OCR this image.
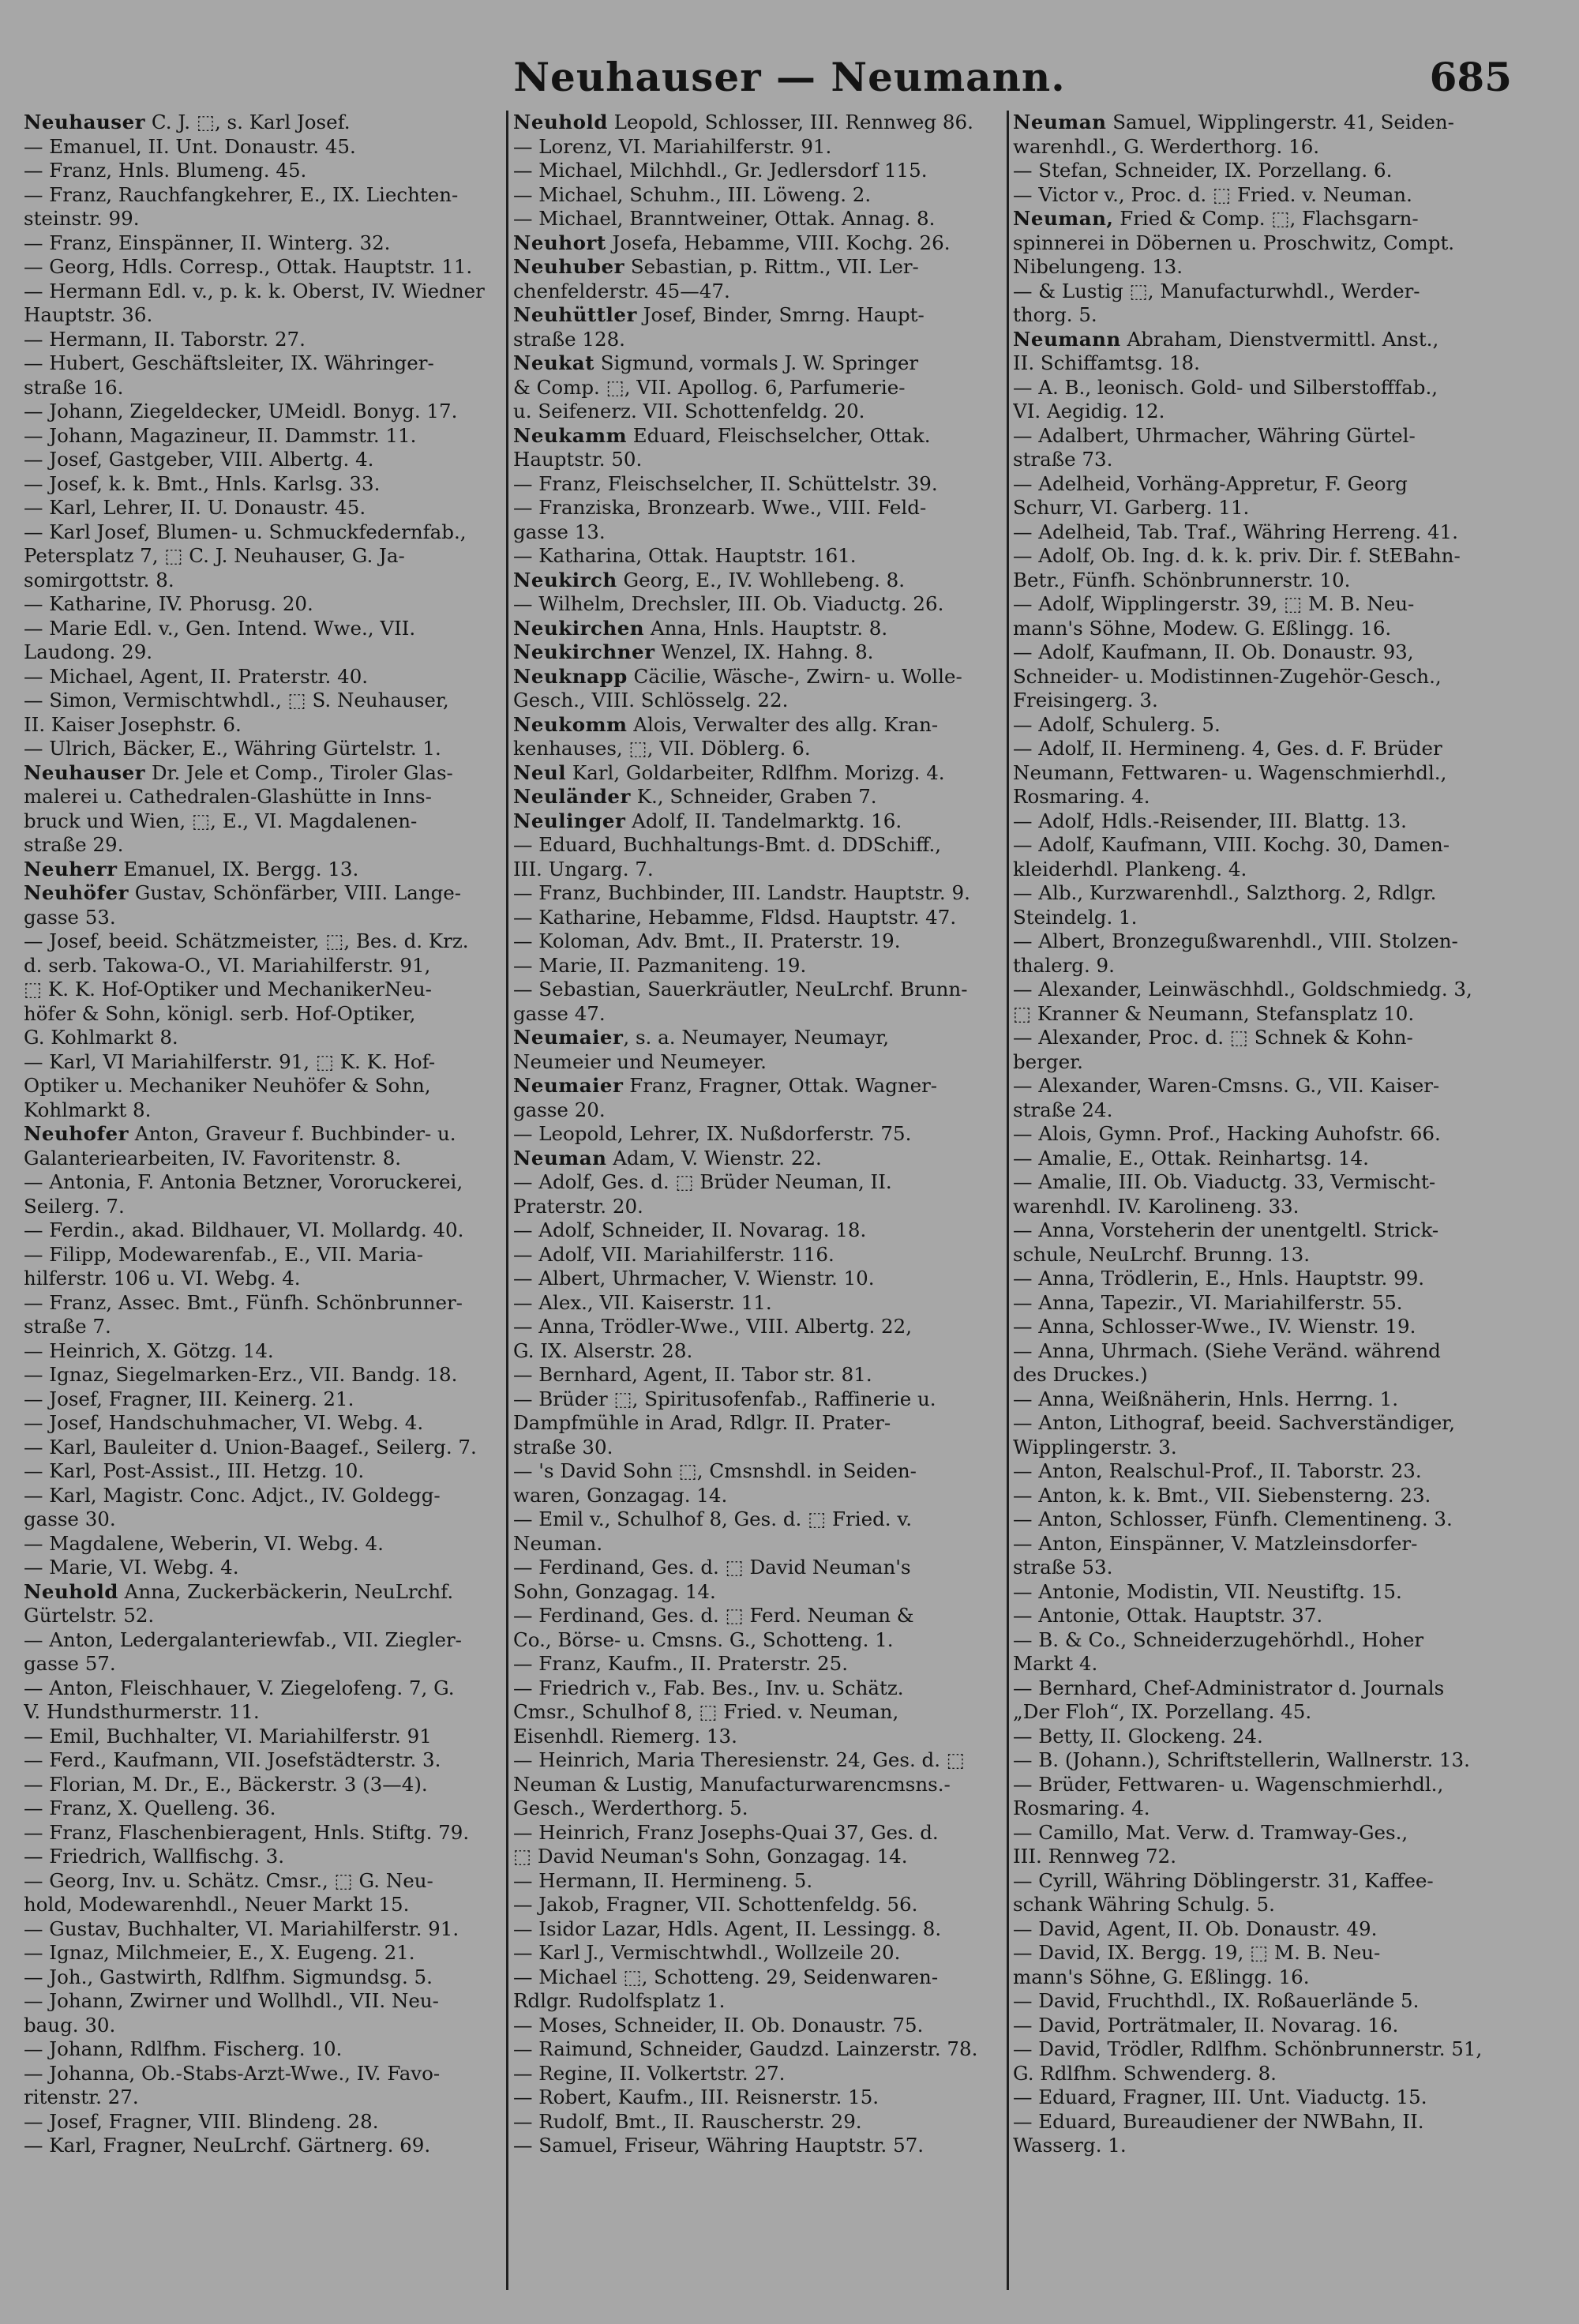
Neuhauser — Neumann.	685
Neuhauser C. J. ⬚, s. Karl Josef.
— Emanuel, II. Unt. Donaustr. 45.
— Franz, Hnls. Blumeng. 45.
— Franz, Rauchfangkehrer, E., IX. Liechten-
steinstr. 99.
— Franz, Einspänner, II. Winterg. 32.
— Georg, Hdls. Corresp., Ottak. Hauptstr. 11.
— Hermann Edl. v., p. k. k. Oberst, IV. Wiedner
Hauptstr. 36.
— Hermann, II. Taborstr. 27.
— Hubert, Geschäftsleiter, IX. Währinger-
straße 16.
— Johann, Ziegeldecker, UMeidl. Bonyg. 17.
— Johann, Magazineur, II. Dammstr. 11.
— Josef, Gastgeber, VIII. Albertg. 4.
— Josef, k. k. Bmt., Hnls. Karlsg. 33.
— Karl, Lehrer, II. U. Donaustr. 45.
— Karl Josef, Blumen- u. Schmuckfedernfab.,
Petersplatz 7, ⬚ C. J. Neuhauser, G. Ja-
somirgottstr. 8.
— Katharine, IV. Phorusg. 20.
— Marie Edl. v., Gen. Intend. Wwe., VII.
Laudong. 29.
— Michael, Agent, II. Praterstr. 40.
— Simon, Vermischtwhdl., ⬚ S. Neuhauser,
II. Kaiser Josephstr. 6.
— Ulrich, Bäcker, E., Währing Gürtelstr. 1.
Neuhauser Dr. Jele et Comp., Tiroler Glas-
malerei u. Cathedralen-Glashütte in Inns-
bruck und Wien, ⬚, E., VI. Magdalenen-
straße 29.
Neuherr Emanuel, IX. Bergg. 13.
Neuhöfer Gustav, Schönfärber, VIII. Lange-
gasse 53.
— Josef, beeid. Schätzmeister, ⬚, Bes. d. Krz.
d. serb. Takowa-O., VI. Mariahilferstr. 91,
⬚ K. K. Hof-Optiker und MechanikerNeu-
höfer & Sohn, königl. serb. Hof-Optiker,
G. Kohlmarkt 8.
— Karl, VI Mariahilferstr. 91, ⬚ K. K. Hof-
Optiker u. Mechaniker Neuhöfer & Sohn,
Kohlmarkt 8.
Neuhofer Anton, Graveur f. Buchbinder- u.
Galanteriearbeiten, IV. Favoritenstr. 8.
— Antonia, F. Antonia Betzner, Vororuckerei,
Seilerg. 7.
— Ferdin., akad. Bildhauer, VI. Mollardg. 40.
— Filipp, Modewarenfab., E., VII. Maria-
hilferstr. 106 u. VI. Webg. 4.
— Franz, Assec. Bmt., Fünfh. Schönbrunner-
straße 7.
— Heinrich, X. Götzg. 14.
— Ignaz, Siegelmarken-Erz., VII. Bandg. 18.
— Josef, Fragner, III. Keinerg. 21.
— Josef, Handschuhmacher, VI. Webg. 4.
— Karl, Bauleiter d. Union-Baagef., Seilerg. 7.
— Karl, Post-Assist., III. Hetzg. 10.
— Karl, Magistr. Conc. Adjct., IV. Goldegg-
gasse 30.
— Magdalene, Weberin, VI. Webg. 4.
— Marie, VI. Webg. 4.
Neuhold Anna, Zuckerbäckerin, NeuLrchf.
Gürtelstr. 52.
— Anton, Ledergalanteriewfab., VII. Ziegler-
gasse 57.
— Anton, Fleischhauer, V. Ziegelofeng. 7, G.
V. Hundsthurmerstr. 11.
— Emil, Buchhalter, VI. Mariahilferstr. 91
— Ferd., Kaufmann, VII. Josefstädterstr. 3.
— Florian, M. Dr., E., Bäckerstr. 3 (3—4).
— Franz, X. Quelleng. 36.
— Franz, Flaschenbieragent, Hnls. Stiftg. 79.
— Friedrich, Wallfischg. 3.
— Georg, Inv. u. Schätz. Cmsr., ⬚ G. Neu-
hold, Modewarenhdl., Neuer Markt 15.
— Gustav, Buchhalter, VI. Mariahilferstr. 91.
— Ignaz, Milchmeier, E., X. Eugeng. 21.
— Joh., Gastwirth, Rdlfhm. Sigmundsg. 5.
— Johann, Zwirner und Wollhdl., VII. Neu-
baug. 30.
— Johann, Rdlfhm. Fischerg. 10.
— Johanna, Ob.-Stabs-Arzt-Wwe., IV. Favo-
ritenstr. 27.
— Josef, Fragner, VIII. Blindeng. 28.
— Karl, Fragner, NeuLrchf. Gärtnerg. 69.
Neuhold Leopold, Schlosser, III. Rennweg 86.
— Lorenz, VI. Mariahilferstr. 91.
— Michael, Milchhdl., Gr. Jedlersdorf 115.
— Michael, Schuhm., III. Löweng. 2.
— Michael, Branntweiner, Ottak. Annag. 8.
Neuhort Josefa, Hebamme, VIII. Kochg. 26.
Neuhuber Sebastian, p. Rittm., VII. Ler-
chenfelderstr. 45—47.
Neuhüttler Josef, Binder, Smrng. Haupt-
straße 128.
Neukat Sigmund, vormals J. W. Springer
& Comp. ⬚, VII. Apollog. 6, Parfumerie-
u. Seifenerz. VII. Schottenfeldg. 20.
Neukamm Eduard, Fleischselcher, Ottak.
Hauptstr. 50.
— Franz, Fleischselcher, II. Schüttelstr. 39.
— Franziska, Bronzearb. Wwe., VIII. Feld-
gasse 13.
— Katharina, Ottak. Hauptstr. 161.
Neukirch Georg, E., IV. Wohllebeng. 8.
— Wilhelm, Drechsler, III. Ob. Viaductg. 26.
Neukirchen Anna, Hnls. Hauptstr. 8.
Neukirchner Wenzel, IX. Hahng. 8.
Neuknapp Cäcilie, Wäsche-, Zwirn- u. Wolle-
Gesch., VIII. Schlösselg. 22.
Neukomm Alois, Verwalter des allg. Kran-
kenhauses, ⬚, VII. Döblerg. 6.
Neul Karl, Goldarbeiter, Rdlfhm. Morizg. 4.
Neuländer K., Schneider, Graben 7.
Neulinger Adolf, II. Tandelmarktg. 16.
— Eduard, Buchhaltungs-Bmt. d. DDSchiff.,
III. Ungarg. 7.
— Franz, Buchbinder, III. Landstr. Hauptstr. 9.
— Katharine, Hebamme, Fldsd. Hauptstr. 47.
— Koloman, Adv. Bmt., II. Praterstr. 19.
— Marie, II. Pazmaniteng. 19.
— Sebastian, Sauerkräutler, NeuLrchf. Brunn-
gasse 47.
Neumaier, s. a. Neumayer, Neumayr,
Neumeier und Neumeyer.
Neumaier Franz, Fragner, Ottak. Wagner-
gasse 20.
— Leopold, Lehrer, IX. Nußdorferstr. 75.
Neuman Adam, V. Wienstr. 22.
— Adolf, Ges. d. ⬚ Brüder Neuman, II.
Praterstr. 20.
— Adolf, Schneider, II. Novarag. 18.
— Adolf, VII. Mariahilferstr. 116.
— Albert, Uhrmacher, V. Wienstr. 10.
— Alex., VII. Kaiserstr. 11.
— Anna, Trödler-Wwe., VIII. Albertg. 22,
G. IX. Alserstr. 28.
— Bernhard, Agent, II. Tabor str. 81.
— Brüder ⬚, Spiritusofenfab., Raffinerie u.
Dampfmühle in Arad, Rdlgr. II. Prater-
straße 30.
— 's David Sohn ⬚, Cmsnshdl. in Seiden-
waren, Gonzagag. 14.
— Emil v., Schulhof 8, Ges. d. ⬚ Fried. v.
Neuman.
— Ferdinand, Ges. d. ⬚ David Neuman's
Sohn, Gonzagag. 14.
— Ferdinand, Ges. d. ⬚ Ferd. Neuman &
Co., Börse- u. Cmsns. G., Schotteng. 1.
— Franz, Kaufm., II. Praterstr. 25.
— Friedrich v., Fab. Bes., Inv. u. Schätz.
Cmsr., Schulhof 8, ⬚ Fried. v. Neuman,
Eisenhdl. Riemerg. 13.
— Heinrich, Maria Theresienstr. 24, Ges. d. ⬚
Neuman & Lustig, Manufacturwarencmsns.-
Gesch., Werderthorg. 5.
— Heinrich, Franz Josephs-Quai 37, Ges. d.
⬚ David Neuman's Sohn, Gonzagag. 14.
— Hermann, II. Hermineng. 5.
— Jakob, Fragner, VII. Schottenfeldg. 56.
— Isidor Lazar, Hdls. Agent, II. Lessingg. 8.
— Karl J., Vermischtwhdl., Wollzeile 20.
— Michael ⬚, Schotteng. 29, Seidenwaren-
Rdlgr. Rudolfsplatz 1.
— Moses, Schneider, II. Ob. Donaustr. 75.
— Raimund, Schneider, Gaudzd. Lainzerstr. 78.
— Regine, II. Volkertstr. 27.
— Robert, Kaufm., III. Reisnerstr. 15.
— Rudolf, Bmt., II. Rauscherstr. 29.
— Samuel, Friseur, Währing Hauptstr. 57.
Neuman Samuel, Wipplingerstr. 41, Seiden-
warenhdl., G. Werderthorg. 16.
— Stefan, Schneider, IX. Porzellang. 6.
— Victor v., Proc. d. ⬚ Fried. v. Neuman.
Neuman, Fried & Comp. ⬚, Flachsgarn-
spinnerei in Döbernen u. Proschwitz, Compt.
Nibelungeng. 13.
— & Lustig ⬚, Manufacturwhdl., Werder-
thorg. 5.
Neumann Abraham, Dienstvermittl. Anst.,
II. Schiffamtsg. 18.
— A. B., leonisch. Gold- und Silberstofffab.,
VI. Aegidig. 12.
— Adalbert, Uhrmacher, Währing Gürtel-
straße 73.
— Adelheid, Vorhäng-Appretur, F. Georg
Schurr, VI. Garberg. 11.
— Adelheid, Tab. Traf., Währing Herreng. 41.
— Adolf, Ob. Ing. d. k. k. priv. Dir. f. StEBahn-
Betr., Fünfh. Schönbrunnerstr. 10.
— Adolf, Wipplingerstr. 39, ⬚ M. B. Neu-
mann's Söhne, Modew. G. Eßlingg. 16.
— Adolf, Kaufmann, II. Ob. Donaustr. 93,
Schneider- u. Modistinnen-Zugehör-Gesch.,
Freisingerg. 3.
— Adolf, Schulerg. 5.
— Adolf, II. Hermineng. 4, Ges. d. F. Brüder
Neumann, Fettwaren- u. Wagenschmierhdl.,
Rosmaring. 4.
— Adolf, Hdls.-Reisender, III. Blattg. 13.
— Adolf, Kaufmann, VIII. Kochg. 30, Damen-
kleiderhdl. Plankeng. 4.
— Alb., Kurzwarenhdl., Salzthorg. 2, Rdlgr.
Steindelg. 1.
— Albert, Bronzegußwarenhdl., VIII. Stolzen-
thalerg. 9.
— Alexander, Leinwäschhdl., Goldschmiedg. 3,
⬚ Kranner & Neumann, Stefansplatz 10.
— Alexander, Proc. d. ⬚ Schnek & Kohn-
berger.
— Alexander, Waren-Cmsns. G., VII. Kaiser-
straße 24.
— Alois, Gymn. Prof., Hacking Auhofstr. 66.
— Amalie, E., Ottak. Reinhartsg. 14.
— Amalie, III. Ob. Viaductg. 33, Vermischt-
warenhdl. IV. Karolineng. 33.
— Anna, Vorsteherin der unentgeltl. Strick-
schule, NeuLrchf. Brunng. 13.
— Anna, Trödlerin, E., Hnls. Hauptstr. 99.
— Anna, Tapezir., VI. Mariahilferstr. 55.
— Anna, Schlosser-Wwe., IV. Wienstr. 19.
— Anna, Uhrmach. (Siehe Veränd. während
des Druckes.)
— Anna, Weißnäherin, Hnls. Herrng. 1.
— Anton, Lithograf, beeid. Sachverständiger,
Wipplingerstr. 3.
— Anton, Realschul-Prof., II. Taborstr. 23.
— Anton, k. k. Bmt., VII. Siebensterng. 23.
— Anton, Schlosser, Fünfh. Clementineng. 3.
— Anton, Einspänner, V. Matzleinsdorfer-
straße 53.
— Antonie, Modistin, VII. Neustiftg. 15.
— Antonie, Ottak. Hauptstr. 37.
— B. & Co., Schneiderzugehörhdl., Hoher
Markt 4.
— Bernhard, Chef-Administrator d. Journals
„Der Floh“, IX. Porzellang. 45.
— Betty, II. Glockeng. 24.
— B. (Johann.), Schriftstellerin, Wallnerstr. 13.
— Brüder, Fettwaren- u. Wagenschmierhdl.,
Rosmaring. 4.
— Camillo, Mat. Verw. d. Tramway-Ges.,
III. Rennweg 72.
— Cyrill, Währing Döblingerstr. 31, Kaffee-
schank Währing Schulg. 5.
— David, Agent, II. Ob. Donaustr. 49.
— David, IX. Bergg. 19, ⬚ M. B. Neu-
mann's Söhne, G. Eßlingg. 16.
— David, Fruchthdl., IX. Roßauerlände 5.
— David, Porträtmaler, II. Novarag. 16.
— David, Trödler, Rdlfhm. Schönbrunnerstr. 51,
G. Rdlfhm. Schwenderg. 8.
— Eduard, Fragner, III. Unt. Viaductg. 15.
— Eduard, Bureaudiener der NWBahn, II.
Wasserg. 1.
